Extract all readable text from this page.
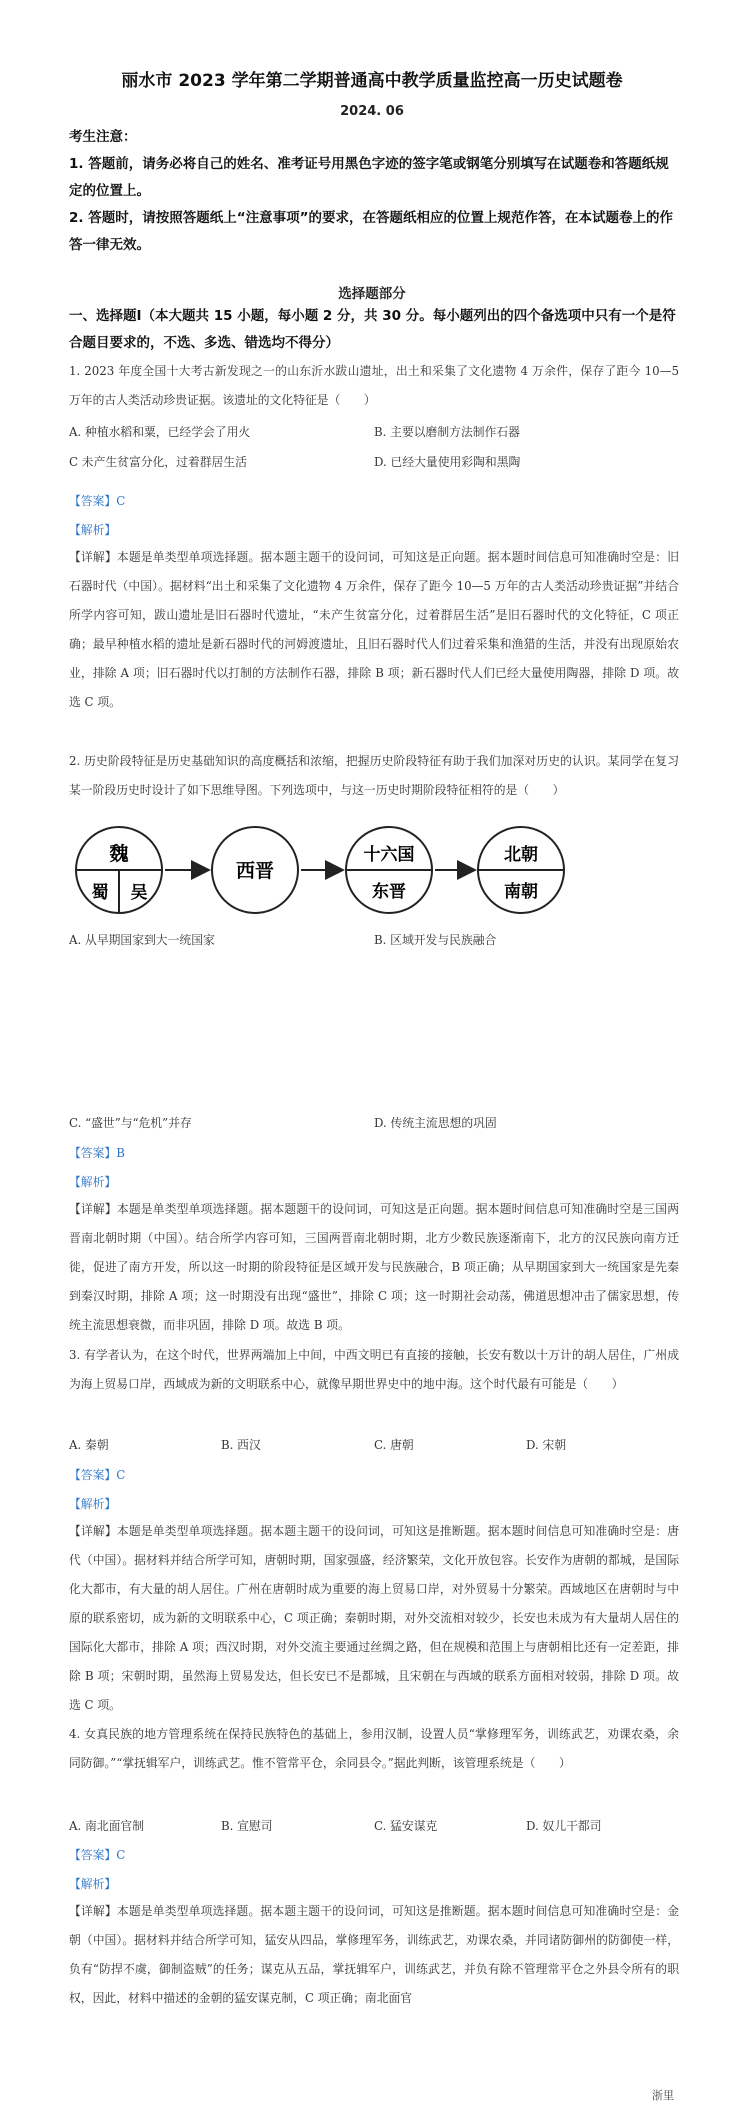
丽水市 2023 学年第二学期普通高中教学质量监控高一历史试题卷
2024. 06
考生注意：
1. 答题前，请务必将自己的姓名、准考证号用黑色字迹的签字笔或钢笔分别填写在试题卷和答题纸规定的位置上。
2. 答题时，请按照答题纸上“注意事项”的要求，在答题纸相应的位置上规范作答，在本试题卷上的作答一律无效。
选择题部分
一、选择题Ⅰ（本大题共 15 小题，每小题 2 分，共 30 分。每小题列出的四个备选项中只有一个是符合题目要求的，不选、多选、错选均不得分）
1. 2023 年度全国十大考古新发现之一的山东沂水跋山遗址，出土和采集了文化遗物 4 万余件，保存了距今 10—5 万年的古人类活动珍贵证据。该遗址的文化特征是（　　）
A. 种植水稻和粟，已经学会了用火	B. 主要以磨制方法制作石器
C 未产生贫富分化，过着群居生活	D. 已经大量使用彩陶和黑陶
【答案】C
【解析】
【详解】本题是单类型单项选择题。据本题主题干的设问词，可知这是正向题。据本题时间信息可知准确时空是：旧石器时代（中国）。据材料“出土和采集了文化遗物 4 万余件，保存了距今 10—5 万年的古人类活动珍贵证据”并结合所学内容可知，跋山遗址是旧石器时代遗址，“未产生贫富分化，过着群居生活”是旧石器时代的文化特征，C 项正确；最早种植水稻的遗址是新石器时代的河姆渡遗址，且旧石器时代人们过着采集和渔猎的生活，并没有出现原始农业，排除 A 项；旧石器时代以打制的方法制作石器，排除 B 项；新石器时代人们已经大量使用陶器，排除 D 项。故选 C 项。
2. 历史阶段特征是历史基础知识的高度概括和浓缩，把握历史阶段特征有助于我们加深对历史的认识。某同学在复习某一阶段历史时设计了如下思维导图。下列选项中，与这一历史时期阶段特征相符的是（　　）
魏
蜀 吴
西晋
十六国
东晋
北朝
南朝
A. 从早期国家到大一统国家	B. 区域开发与民族融合
C. “盛世”与“危机”并存	D. 传统主流思想的巩固
【答案】B
【解析】
【详解】本题是单类型单项选择题。据本题题干的设问词，可知这是正向题。据本题时间信息可知准确时空是三国两晋南北朝时期（中国）。结合所学内容可知，三国两晋南北朝时期，北方少数民族逐渐南下，北方的汉民族向南方迁徙，促进了南方开发，所以这一时期的阶段特征是区域开发与民族融合，B 项正确；从早期国家到大一统国家是先秦到秦汉时期，排除 A 项；这一时期没有出现“盛世”，排除 C 项；这一时期社会动荡，佛道思想冲击了儒家思想，传统主流思想衰微，而非巩固，排除 D 项。故选 B 项。
3. 有学者认为，在这个时代，世界两端加上中间，中西文明已有直接的接触，长安有数以十万计的胡人居住，广州成为海上贸易口岸，西域成为新的文明联系中心，就像早期世界史中的地中海。这个时代最有可能是（　　）
A. 秦朝	B. 西汉	C. 唐朝	D. 宋朝
【答案】C
【解析】
【详解】本题是单类型单项选择题。据本题主题干的设问词，可知这是推断题。据本题时间信息可知准确时空是：唐代（中国）。据材料并结合所学可知，唐朝时期，国家强盛，经济繁荣，文化开放包容。长安作为唐朝的都城，是国际化大都市，有大量的胡人居住。广州在唐朝时成为重要的海上贸易口岸，对外贸易十分繁荣。西域地区在唐朝时与中原的联系密切，成为新的文明联系中心，C 项正确；秦朝时期，对外交流相对较少，长安也未成为有大量胡人居住的国际化大都市，排除 A 项；西汉时期，对外交流主要通过丝绸之路，但在规模和范围上与唐朝相比还有一定差距，排除 B 项；宋朝时期，虽然海上贸易发达，但长安已不是都城，且宋朝在与西域的联系方面相对较弱，排除 D 项。故选 C 项。
4. 女真民族的地方管理系统在保持民族特色的基础上，参用汉制，设置人员“掌修理军务，训练武艺，劝课农桑，余同防御。”“掌抚辑军户，训练武艺。惟不管常平仓，余同县令。”据此判断，该管理系统是（　　）
A. 南北面官制	B. 宣慰司	C. 猛安谋克	D. 奴儿干都司
【答案】C
【解析】
【详解】本题是单类型单项选择题。据本题主题干的设问词，可知这是推断题。据本题时间信息可知准确时空是：金朝（中国）。据材料并结合所学可知，猛安从四品，掌修理军务，训练武艺，劝课农桑，并同诸防御州的防御使一样，负有“防捍不虞，御制盗贼”的任务；谋克从五品，掌抚辑军户，训练武艺，并负有除不管理常平仓之外县令所有的职权，因此，材料中描述的金朝的猛安谋克制，C 项正确；南北面官
浙里
